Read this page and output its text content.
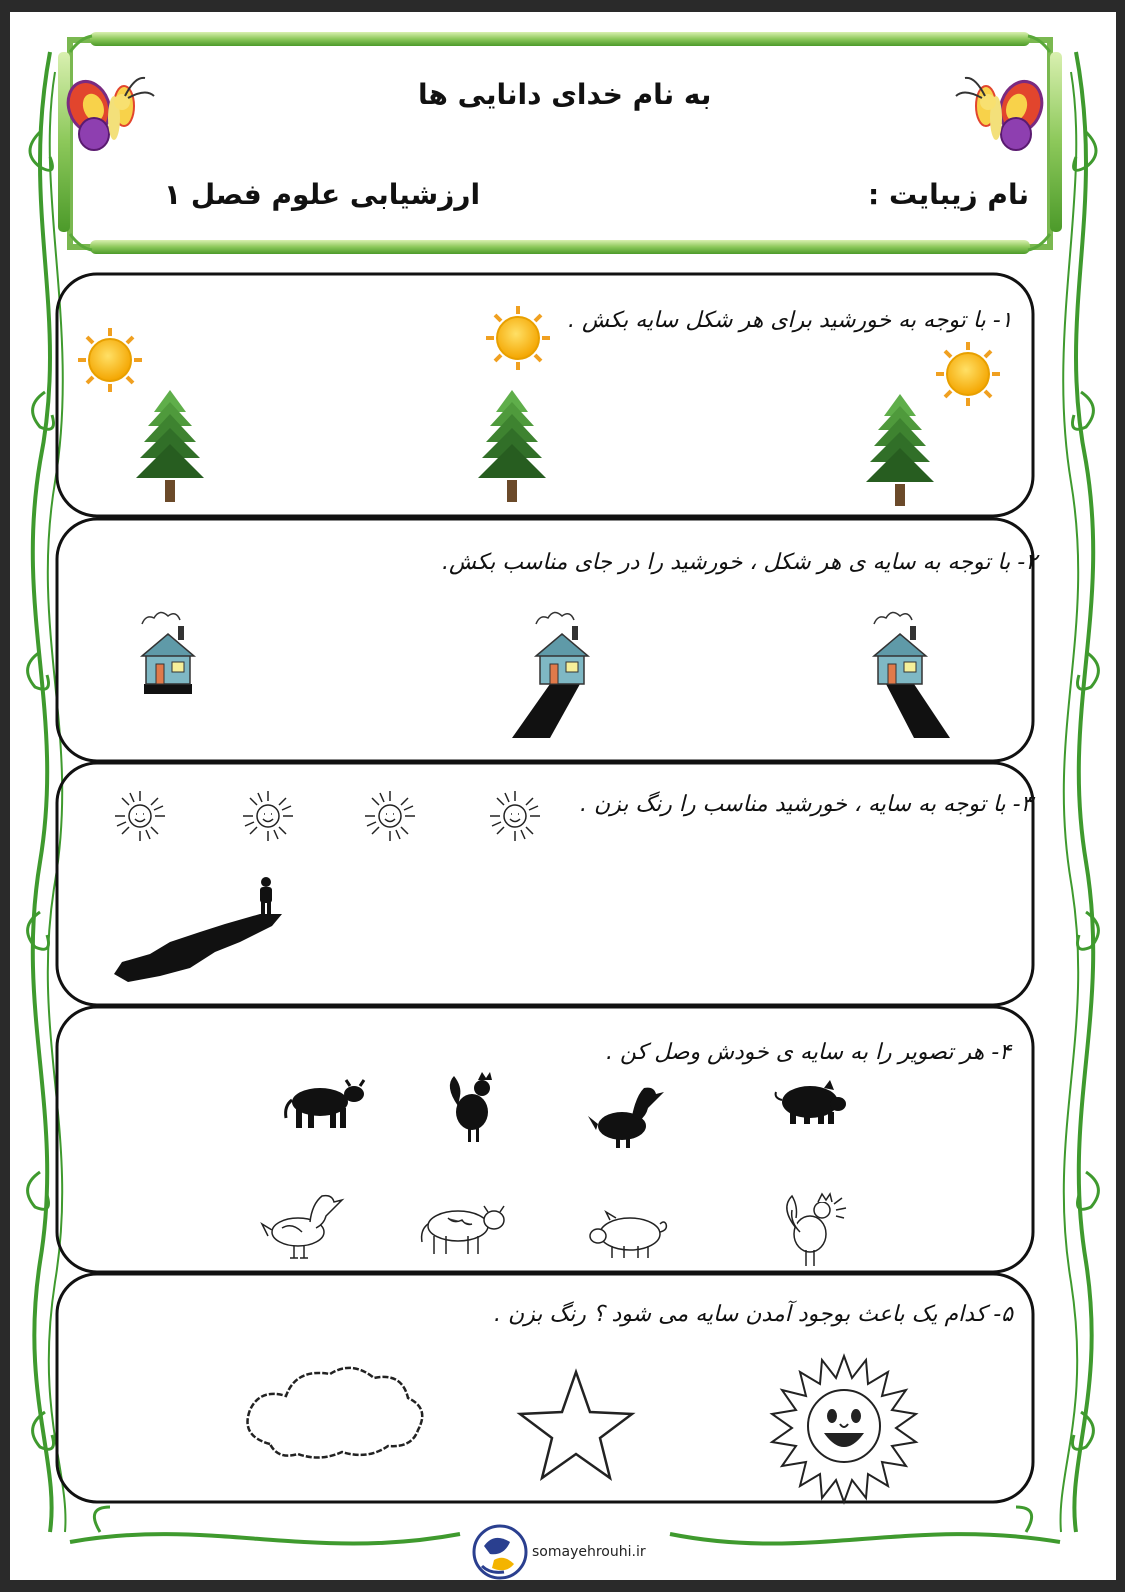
به نام خدای دانایی ها
نام زیبایت :
ارزشیابی علوم فصل ۱
۱- با توجه به خورشید برای هر شکل سایه بکش .
۲- با توجه به سایه ی هر شکل ، خورشید را در جای مناسب بکش.
۳- با توجه به سایه ، خورشید مناسب را رنگ بزن .
۴- هر تصویر را به سایه ی خودش وصل کن .
۵- کدام یک باعث بوجود آمدن سایه می شود ؟ رنگ بزن .
somayehrouhi.ir
